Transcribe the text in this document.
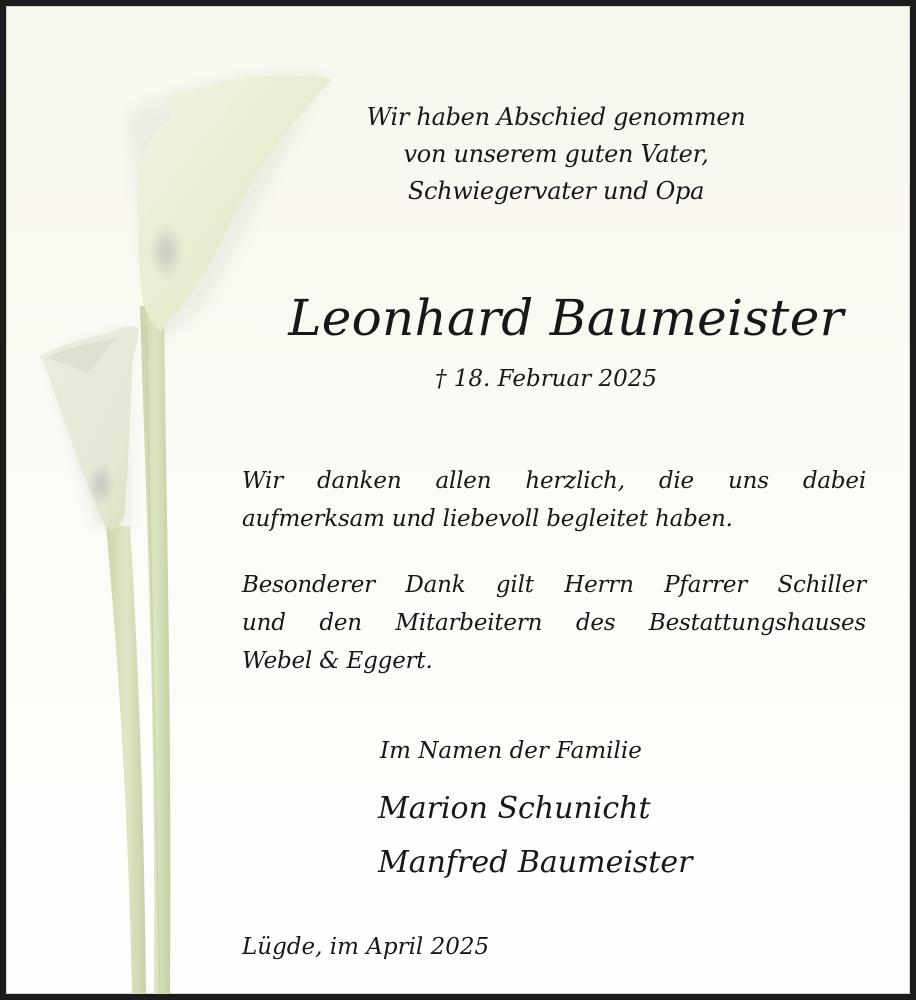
Wir haben Abschied genommen
von unserem guten Vater,
Schwiegervater und Opa
Leonhard Baumeister
† 18. Februar 2025
Wir danken allen herzlich, die uns dabei
aufmerksam und liebevoll begleitet haben.
Besonderer Dank gilt Herrn Pfarrer Schiller
und den Mitarbeitern des Bestattungshauses
Webel & Eggert.
Im Namen der Familie
Marion Schunicht
Manfred Baumeister
Lügde, im April 2025
